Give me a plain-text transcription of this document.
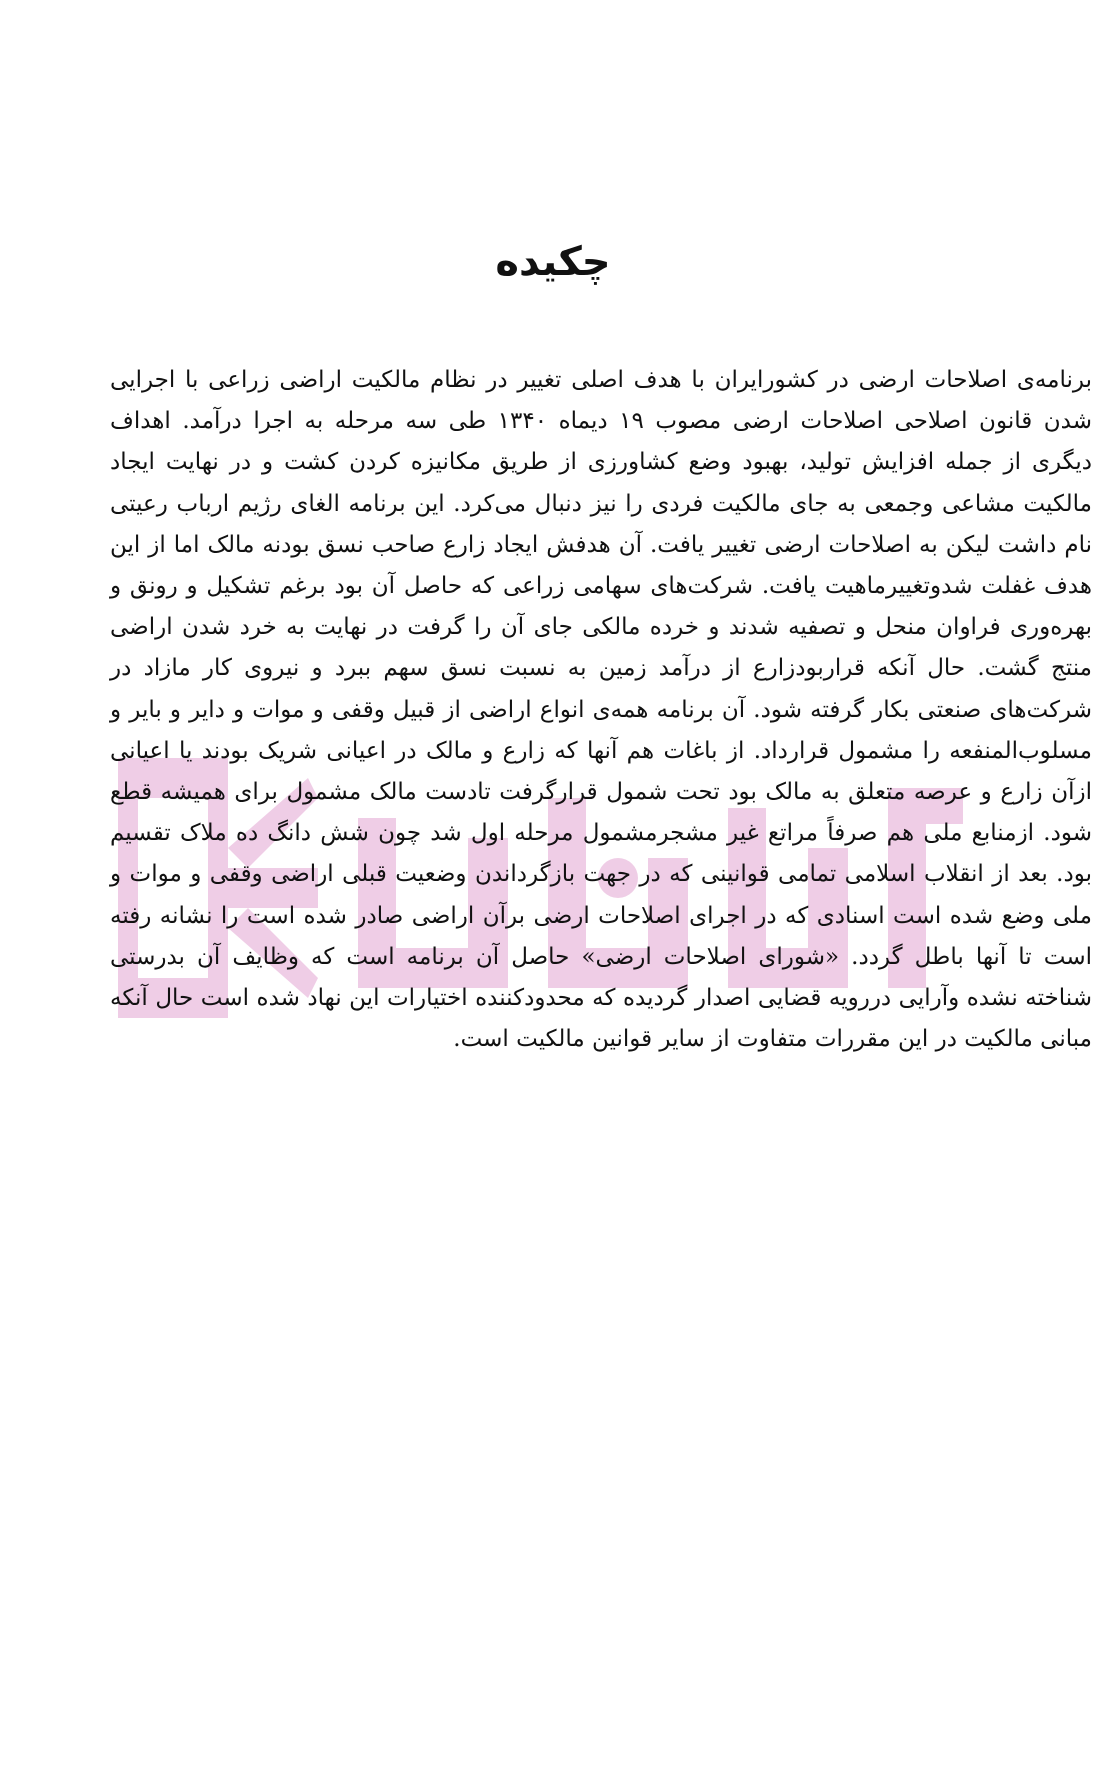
چکیده

برنامه‌ی اصلاحات ارضی در کشورایران با هدف اصلی تغییر در نظام مالکیت اراضی زراعی با اجرایی شدن قانون اصلاحی اصلاحات ارضی مصوب ۱۹ دیماه ۱۳۴۰ طی سه مرحله به اجرا درآمد. اهداف دیگری از جمله افزایش تولید، بهبود وضع کشاورزی از طریق مکانیزه کردن کشت و در نهایت ایجاد مالکیت مشاعی وجمعی به جای مالکیت فردی را نیز دنبال می‌کرد. این برنامه الغای رژیم ارباب رعیتی نام داشت لیکن به اصلاحات ارضی تغییر یافت. آن هدفش ایجاد زارع صاحب نسق بودنه مالک اما از این هدف غفلت شدوتغییرماهیت یافت. شرکت‌های سهامی زراعی که حاصل آن بود برغم تشکیل و رونق و بهره‌وری فراوان منحل و تصفیه شدند و خرده مالکی جای آن را گرفت در نهایت به خرد شدن اراضی منتج گشت. حال آنکه قراربودزارع از درآمد زمین به نسبت نسق سهم ببرد و نیروی کار مازاد در شرکت‌های صنعتی بکار گرفته شود. آن برنامه همه‌ی انواع اراضی از قبیل وقفی و موات و دایر و بایر و مسلوب‌المنفعه را مشمول قرارداد. از باغات هم آنها که زارع و مالک در اعیانی شریک بودند یا اعیانی ازآن زارع و عرصه متعلق به مالک بود تحت شمول قرارگرفت تادست مالک مشمول برای همیشه قطع شود. ازمنابع ملی هم صرفاً مراتع غیر مشجرمشمول مرحله اول شد چون شش دانگ ده ملاک تقسیم بود. بعد از انقلاب اسلامی تمامی قوانینی که در جهت بازگرداندن وضعیت قبلی اراضی وقفی و موات و ملی وضع شده است اسنادی که در اجرای اصلاحات ارضی برآن اراضی صادر شده است را نشانه رفته است تا آنها باطل گردد. «شورای اصلاحات ارضی» حاصل آن برنامه است که وظایف آن بدرستی شناخته نشده وآرایی دررویه قضایی اصدار گردیده که محدودکننده اختیارات این نهاد شده است حال آنکه مبانی مالکیت در این مقررات متفاوت از سایر قوانین مالکیت است.
